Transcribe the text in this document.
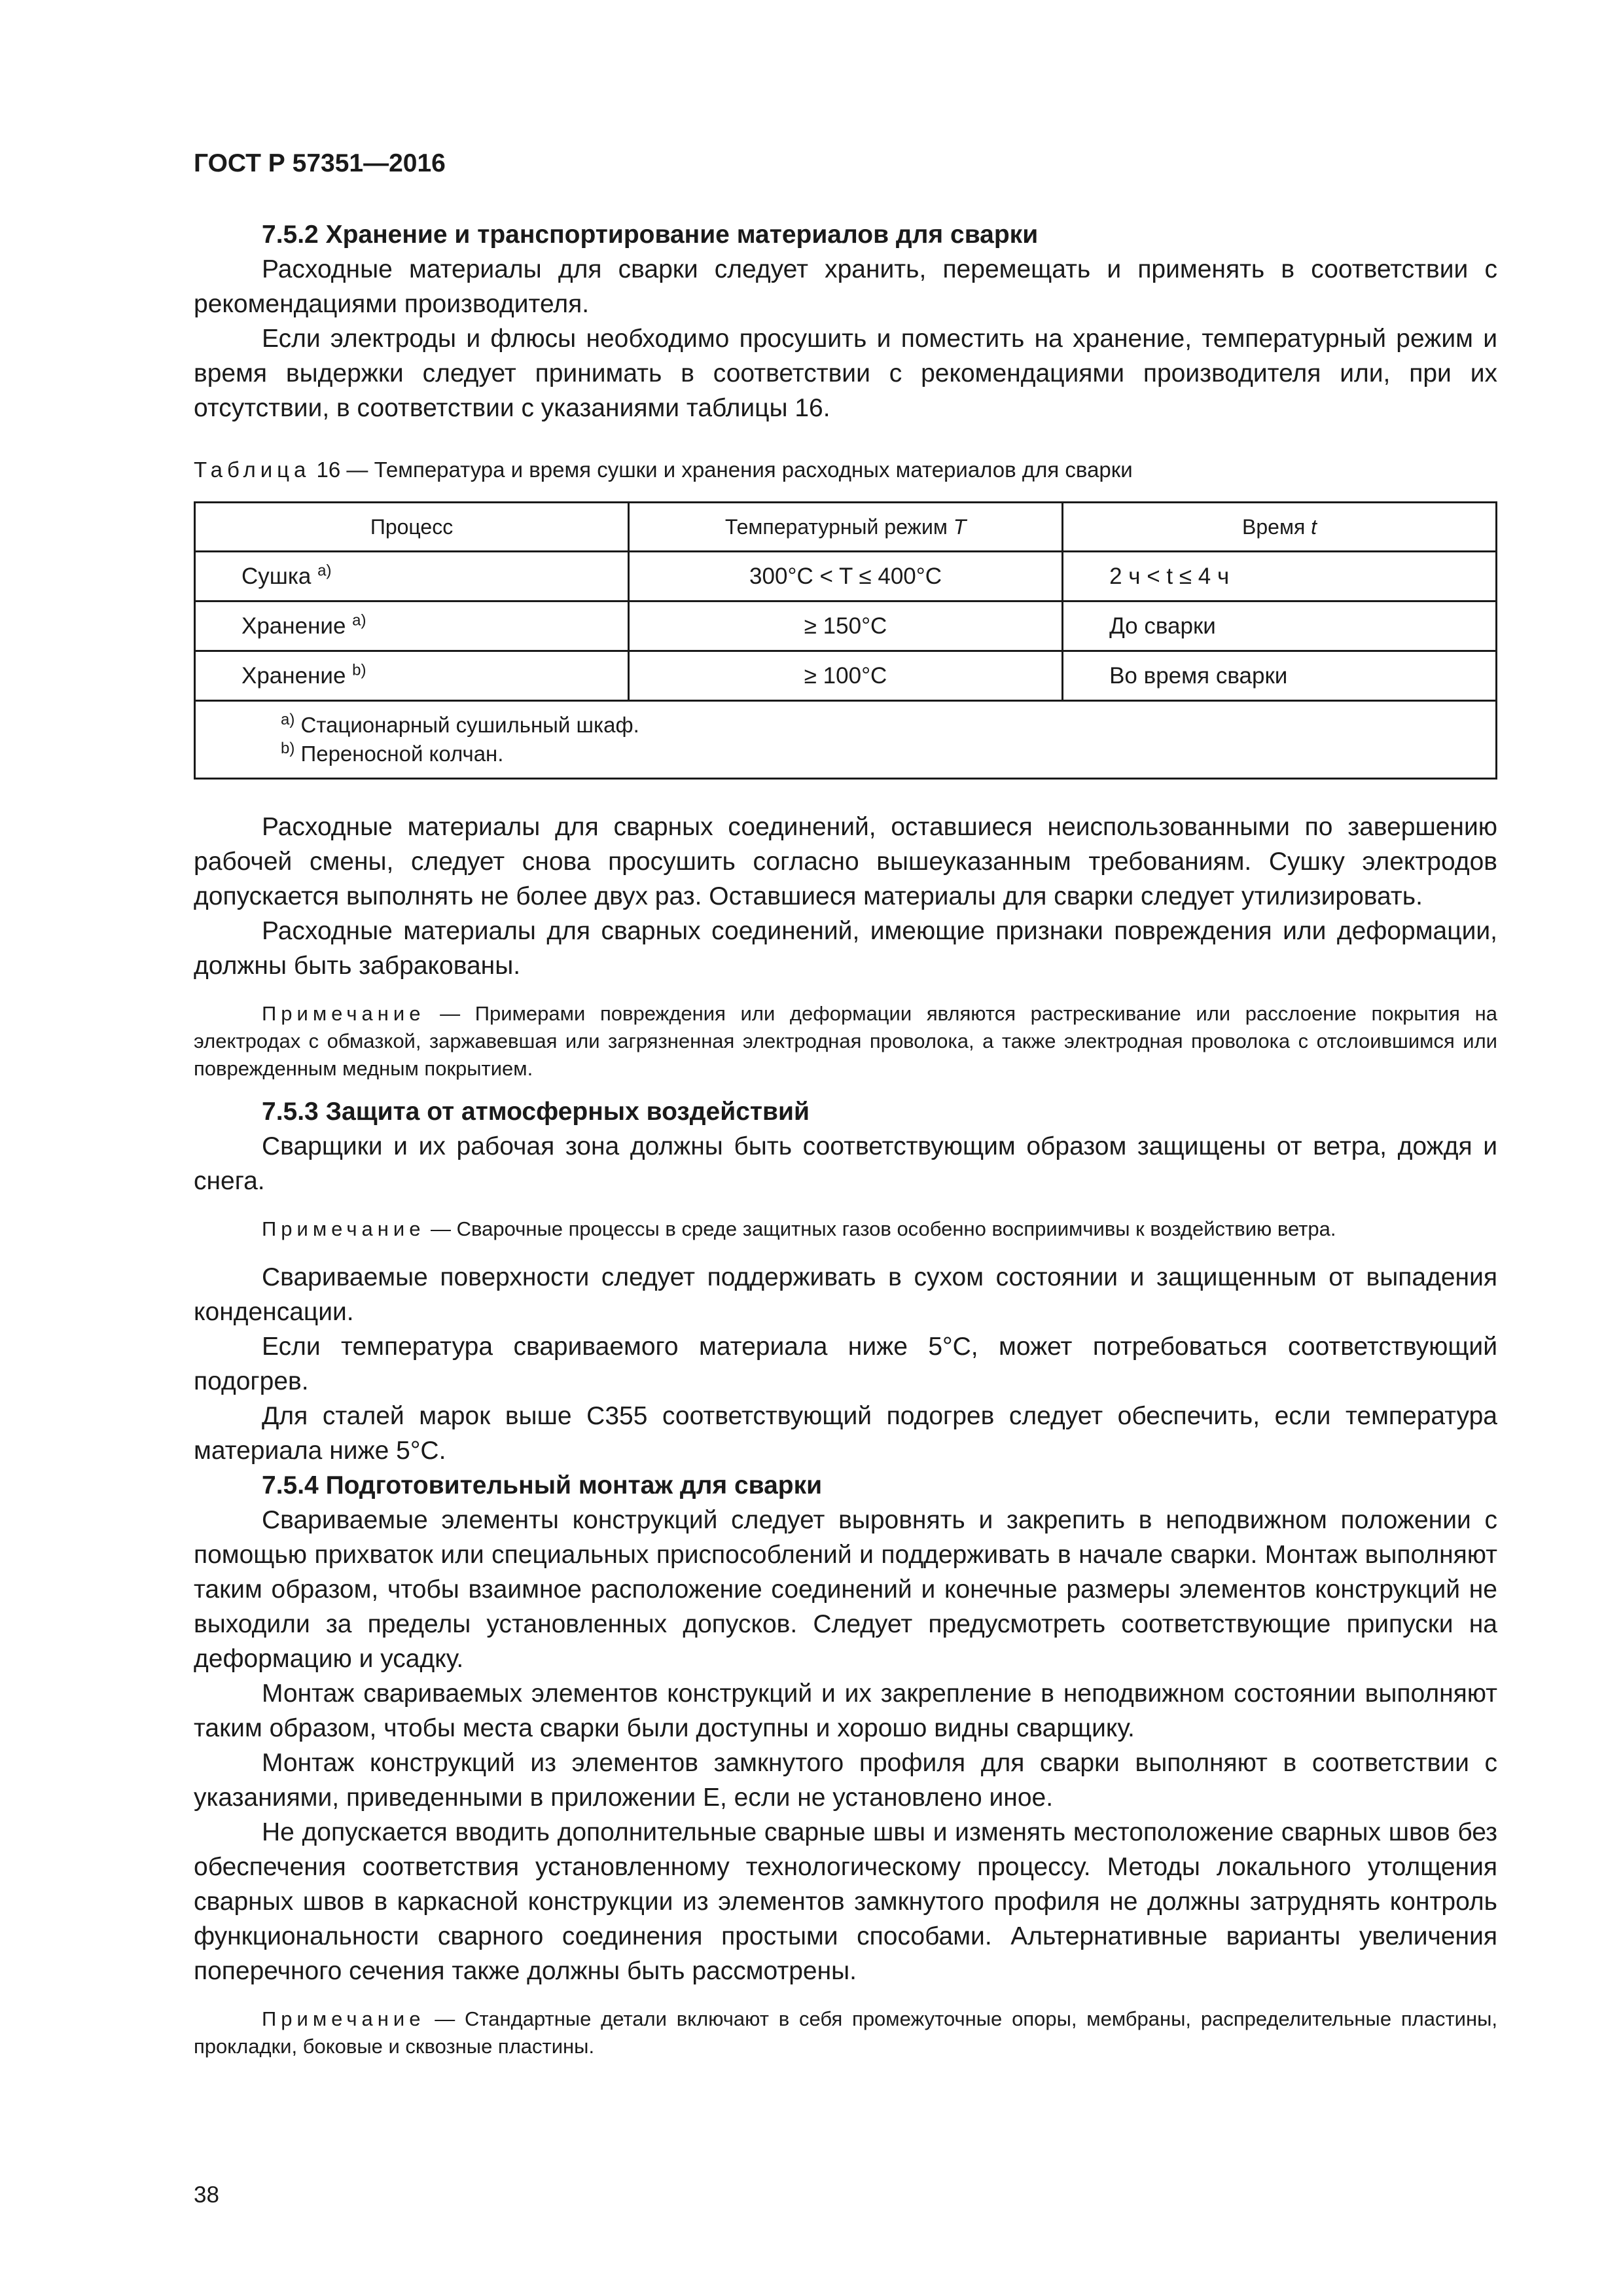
ГОСТ Р 57351—2016

7.5.2 Хранение и транспортирование материалов для сварки

Расходные материалы для сварки следует хранить, перемещать и применять в соответствии с рекомендациями производителя.

Если электроды и флюсы необходимо просушить и поместить на хранение, температурный режим и время выдержки следует принимать в соответствии с рекомендациями производителя или, при их отсутствии, в соответствии с указаниями таблицы 16.

Таблица 16 — Температура и время сушки и хранения расходных материалов для сварки
Процесс	Температурный режим T	Время t
Сушка $^{a)}$	300°C < T ≤ 400°C	2 ч < t ≤ 4 ч
Хранение $^{a)}$	≥ 150°C	До сварки
Хранение $^{b)}$	≥ 100°C	Во время сварки

$^{a)}$ Стационарный сушильный шкаф.
$^{b)}$ Переносной колчан.		

Расходные материалы для сварных соединений, оставшиеся неиспользованными по завершению рабочей смены, следует снова просушить согласно вышеуказанным требованиям. Сушку электродов допускается выполнять не более двух раз. Оставшиеся материалы для сварки следует утилизировать.

Расходные материалы для сварных соединений, имеющие признаки повреждения или деформации, должны быть забракованы.

Примечание — Примерами повреждения или деформации являются растрескивание или расслоение покрытия на электродах с обмазкой, заржавевшая или загрязненная электродная проволока, а также электродная проволока с отслоившимся или поврежденным медным покрытием.

7.5.3 Защита от атмосферных воздействий

Сварщики и их рабочая зона должны быть соответствующим образом защищены от ветра, дождя и снега.

Примечание — Сварочные процессы в среде защитных газов особенно восприимчивы к воздействию ветра.

Свариваемые поверхности следует поддерживать в сухом состоянии и защищенным от выпадения конденсации.

Если температура свариваемого материала ниже 5°C, может потребоваться соответствующий подогрев.

Для сталей марок выше C355 соответствующий подогрев следует обеспечить, если температура материала ниже 5°C.

7.5.4 Подготовительный монтаж для сварки

Свариваемые элементы конструкций следует выровнять и закрепить в неподвижном положении с помощью прихваток или специальных приспособлений и поддерживать в начале сварки. Монтаж выполняют таким образом, чтобы взаимное расположение соединений и конечные размеры элементов конструкций не выходили за пределы установленных допусков. Следует предусмотреть соответствующие припуски на деформацию и усадку.

Монтаж свариваемых элементов конструкций и их закрепление в неподвижном состоянии выполняют таким образом, чтобы места сварки были доступны и хорошо видны сварщику.

Монтаж конструкций из элементов замкнутого профиля для сварки выполняют в соответствии с указаниями, приведенными в приложении Е, если не установлено иное.

Не допускается вводить дополнительные сварные швы и изменять местоположение сварных швов без обеспечения соответствия установленному технологическому процессу. Методы локального утолщения сварных швов в каркасной конструкции из элементов замкнутого профиля не должны затруднять контроль функциональности сварного соединения простыми способами. Альтернативные варианты увеличения поперечного сечения также должны быть рассмотрены.

Примечание — Стандартные детали включают в себя промежуточные опоры, мембраны, распределительные пластины, прокладки, боковые и сквозные пластины.

38
